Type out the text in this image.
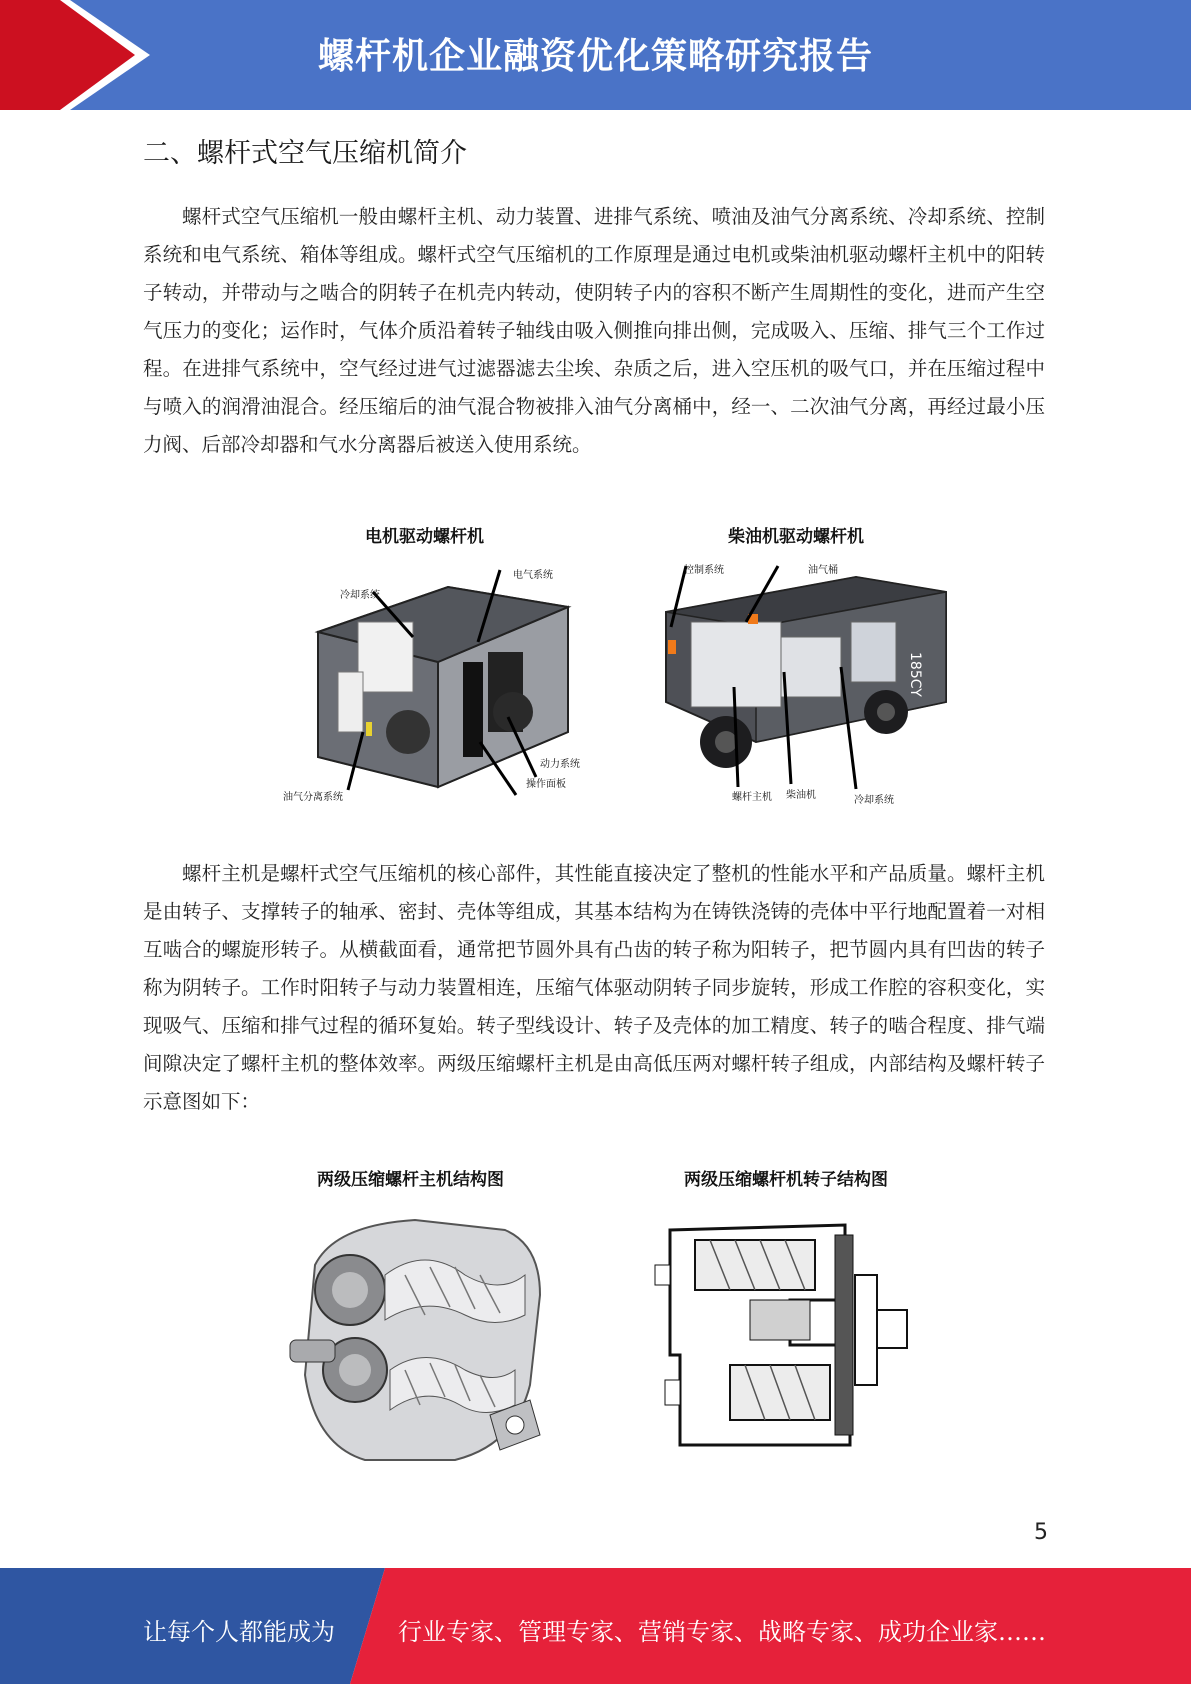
螺杆机企业融资优化策略研究报告
二、螺杆式空气压缩机简介
螺杆式空气压缩机一般由螺杆主机、动力装置、进排气系统、喷油及油气分离系统、冷却系统、控制系统和电气系统、箱体等组成。螺杆式空气压缩机的工作原理是通过电机或柴油机驱动螺杆主机中的阳转子转动，并带动与之啮合的阴转子在机壳内转动，使阴转子内的容积不断产生周期性的变化，进而产生空气压力的变化；运作时，气体介质沿着转子轴线由吸入侧推向排出侧，完成吸入、压缩、排气三个工作过程。在进排气系统中，空气经过进气过滤器滤去尘埃、杂质之后，进入空压机的吸气口，并在压缩过程中与喷入的润滑油混合。经压缩后的油气混合物被排入油气分离桶中，经一、二次油气分离，再经过最小压力阀、后部冷却器和气水分离器后被送入使用系统。
电机驱动螺杆机
冷却系统
电气系统
油气分离系统
动力系统
操作面板
柴油机驱动螺杆机
185CY
控制系统	油气桶
螺杆主机 柴油机	冷却系统
螺杆主机是螺杆式空气压缩机的核心部件，其性能直接决定了整机的性能水平和产品质量。螺杆主机是由转子、支撑转子的轴承、密封、壳体等组成，其基本结构为在铸铁浇铸的壳体中平行地配置着一对相互啮合的螺旋形转子。从横截面看，通常把节圆外具有凸齿的转子称为阳转子，把节圆内具有凹齿的转子称为阴转子。工作时阳转子与动力装置相连，压缩气体驱动阴转子同步旋转，形成工作腔的容积变化，实现吸气、压缩和排气过程的循环复始。转子型线设计、转子及壳体的加工精度、转子的啮合程度、排气端间隙决定了螺杆主机的整体效率。两级压缩螺杆主机是由高低压两对螺杆转子组成，内部结构及螺杆转子示意图如下：
两级压缩螺杆主机结构图	两级压缩螺杆机转子结构图
5
让每个人都能成为	行业专家、管理专家、营销专家、战略专家、成功企业家……
